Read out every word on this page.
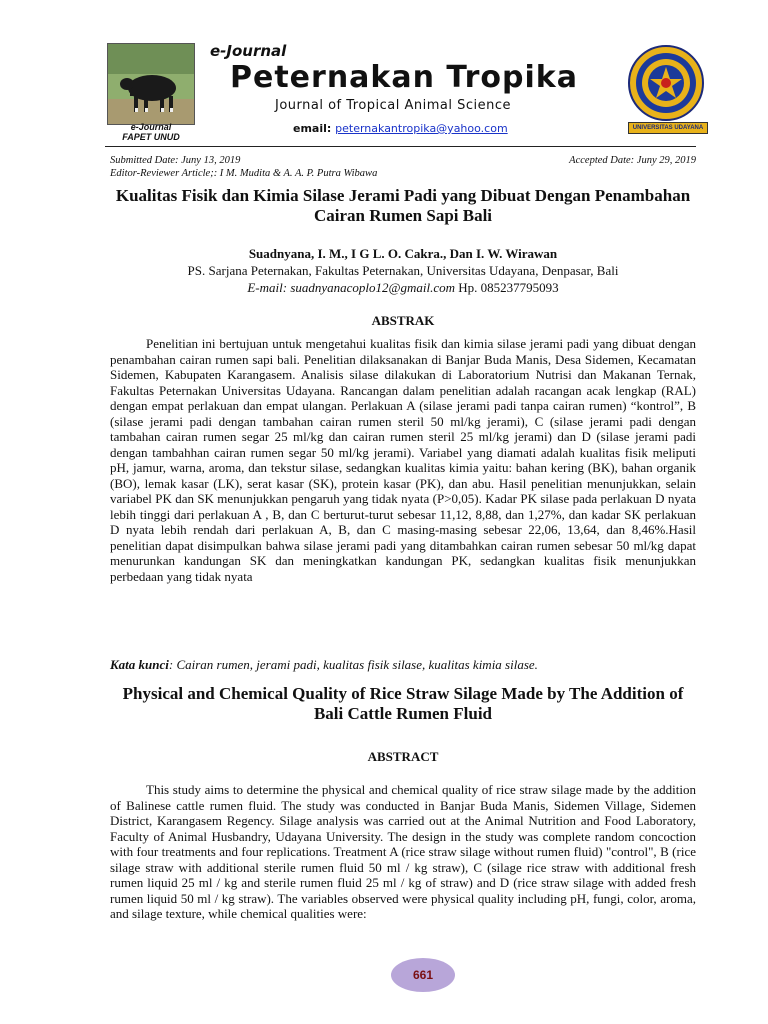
e-Journal
FAPET UNUD
e-Journal
Peternakan Tropika
Journal of Tropical Animal Science
email: peternakantropika@yahoo.com	UNIVERSITAS UDAYANA
Submitted Date: Juny 13, 2019	Accepted Date: Juny 29, 2019
Editor-Reviewer Article;: I M. Mudita & A. A. P. Putra Wibawa
Kualitas Fisik dan Kimia Silase Jerami Padi yang Dibuat Dengan Penambahan Cairan Rumen Sapi Bali
Suadnyana, I. M., I G L. O. Cakra., Dan I. W. Wirawan
PS. Sarjana Peternakan, Fakultas Peternakan, Universitas Udayana, Denpasar, Bali
E-mail: suadnyanacoplo12@gmail.com Hp. 085237795093
ABSTRAK

Penelitian ini bertujuan untuk mengetahui kualitas fisik dan kimia silase jerami padi yang dibuat dengan penambahan cairan rumen sapi bali. Penelitian dilaksanakan di Banjar Buda Manis, Desa Sidemen, Kecamatan Sidemen, Kabupaten Karangasem. Analisis silase dilakukan di Laboratorium Nutrisi dan Makanan Ternak, Fakultas Peternakan Universitas Udayana. Rancangan dalam penelitian adalah racangan acak lengkap (RAL) dengan empat perlakuan dan empat ulangan. Perlakuan A (silase jerami padi tanpa cairan rumen) “kontrol”, B (silase jerami padi dengan tambahan cairan rumen steril 50 ml/kg jerami), C (silase jerami padi dengan tambahan cairan rumen segar 25 ml/kg dan cairan rumen steril 25 ml/kg jerami) dan D (silase jerami padi dengan tambahhan cairan rumen segar 50 ml/kg jerami). Variabel yang diamati adalah kualitas fisik meliputi pH, jamur, warna, aroma, dan tekstur silase, sedangkan kualitas kimia yaitu: bahan kering (BK), bahan organik (BO), lemak kasar (LK), serat kasar (SK), protein kasar (PK), dan abu. Hasil penelitian menunjukkan, selain variabel PK dan SK menunjukkan pengaruh yang tidak nyata (P>0,05). Kadar PK silase pada perlakuan D nyata lebih tinggi dari perlakuan A , B, dan C berturut-turut sebesar 11,12, 8,88, dan 1,27%, dan kadar SK perlakuan D nyata lebih rendah dari perlakuan A, B, dan C masing-masing sebesar 22,06, 13,64, dan 8,46%.Hasil penelitian dapat disimpulkan bahwa silase jerami padi yang ditambahkan cairan rumen sebesar 50 ml/kg dapat menurunkan kandungan SK dan meningkatkan kandungan PK, sedangkan kualitas fisik menunjukkan perbedaan yang tidak nyata

Kata kunci: Cairan rumen, jerami padi, kualitas fisik silase, kualitas kimia silase.
Physical and Chemical Quality of Rice Straw Silage Made by The Addition of Bali Cattle Rumen Fluid
ABSTRACT

This study aims to determine the physical and chemical quality of rice straw silage made by the addition of Balinese cattle rumen fluid. The study was conducted in Banjar Buda Manis, Sidemen Village, Sidemen District, Karangasem Regency. Silage analysis was carried out at the Animal Nutrition and Food Laboratory, Faculty of Animal Husbandry, Udayana University. The design in the study was complete random concoction with four treatments and four replications. Treatment A (rice straw silage without rumen fluid) "control", B (rice silage straw with additional sterile rumen fluid 50 ml / kg straw), C (silage rice straw with additional fresh rumen liquid 25 ml / kg and sterile rumen fluid 25 ml / kg of straw) and D (rice straw silage with added fresh rumen liquid 50 ml / kg straw). The variables observed were physical quality including pH, fungi, color, aroma, and silage texture, while chemical qualities were:

661
